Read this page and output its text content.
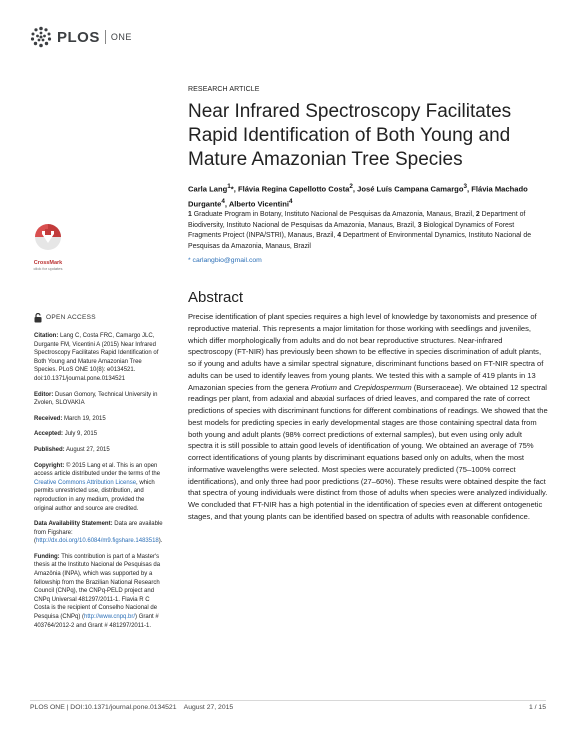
PLOS ONE
RESEARCH ARTICLE
Near Infrared Spectroscopy Facilitates Rapid Identification of Both Young and Mature Amazonian Tree Species
Carla Lang$^1$*, Flávia Regina Capellotto Costa$^2$, José Luís Campana Camargo$^3$, Flávia Machado Durgante$^4$, Alberto Vicentini$^4$
1 Graduate Program in Botany, Instituto Nacional de Pesquisas da Amazonia, Manaus, Brazil, 2 Department of Biodiversity, Instituto Nacional de Pesquisas da Amazonia, Manaus, Brazil, 3 Biological Dynamics of Forest Fragments Project (INPA/STRI), Manaus, Brazil, 4 Department of Environmental Dynamics, Instituto Nacional de Pesquisas da Amazonia, Manaus, Brazil
* carlangbio@gmail.com
CrossMark
click for updates
OPEN ACCESS

Citation: Lang C, Costa FRC, Camargo JLC, Durgante FM, Vicentini A (2015) Near Infrared Spectroscopy Facilitates Rapid Identification of Both Young and Mature Amazonian Tree Species. PLoS ONE 10(8): e0134521. doi:10.1371/journal.pone.0134521

Editor: Dusan Gomory, Technical University in Zvolen, SLOVAKIA

Received: March 19, 2015

Accepted: July 9, 2015

Published: August 27, 2015

Copyright: © 2015 Lang et al. This is an open access article distributed under the terms of the Creative Commons Attribution License, which permits unrestricted use, distribution, and reproduction in any medium, provided the original author and source are credited.

Data Availability Statement: Data are available from Figshare: (http://dx.doi.org/10.6084/m9.figshare.1483518).

Funding: This contribution is part of a Master's thesis at the Instituto Nacional de Pesquisas da Amazônia (INPA), which was supported by a fellowship from the Brazilian National Research Council (CNPq), the CNPq-PELD project and CNPq Universal 481297/2011-1. Flavia R C Costa is the recipient of Conselho Nacional de Pesquisa (CNPq) (http://www.cnpq.br/) Grant # 403764/2012-2 and Grant # 481297/2011-1.

Abstract
Precise identification of plant species requires a high level of knowledge by taxonomists and presence of reproductive material. This represents a major limitation for those working with seedlings and juveniles, which differ morphologically from adults and do not bear reproductive structures. Near-infrared spectroscopy (FT-NIR) has previously been shown to be effective in species discrimination of adult plants, so if young and adults have a similar spectral signature, discriminant functions based on FT-NIR spectra of adults can be used to identify leaves from young plants. We tested this with a sample of 419 plants in 13 Amazonian species from the genera Protium and Crepidospermum (Burseraceae). We obtained 12 spectral readings per plant, from adaxial and abaxial surfaces of dried leaves, and compared the rate of correct predictions of species with discriminant functions for different combinations of readings. We showed that the best models for predicting species in early developmental stages are those containing spectral data from both young and adult plants (98% correct predictions of external samples), but even using only adult spectra it is still possible to attain good levels of identification of young. We obtained an average of 75% correct identifications of young plants by discriminant equations based only on adults, when the most informative wavelengths were selected. Most species were accurately predicted (75–100% correct identifications), and only three had poor predictions (27–60%). These results were obtained despite the fact that spectra of young individuals were distinct from those of adults when species were analyzed individually. We concluded that FT-NIR has a high potential in the identification of species even at different ontogenetic stages, and that young plants can be identified based on spectra of adults with reasonable confidence.
PLOS ONE | DOI:10.1371/journal.pone.0134521    August 27, 2015	1 / 15
